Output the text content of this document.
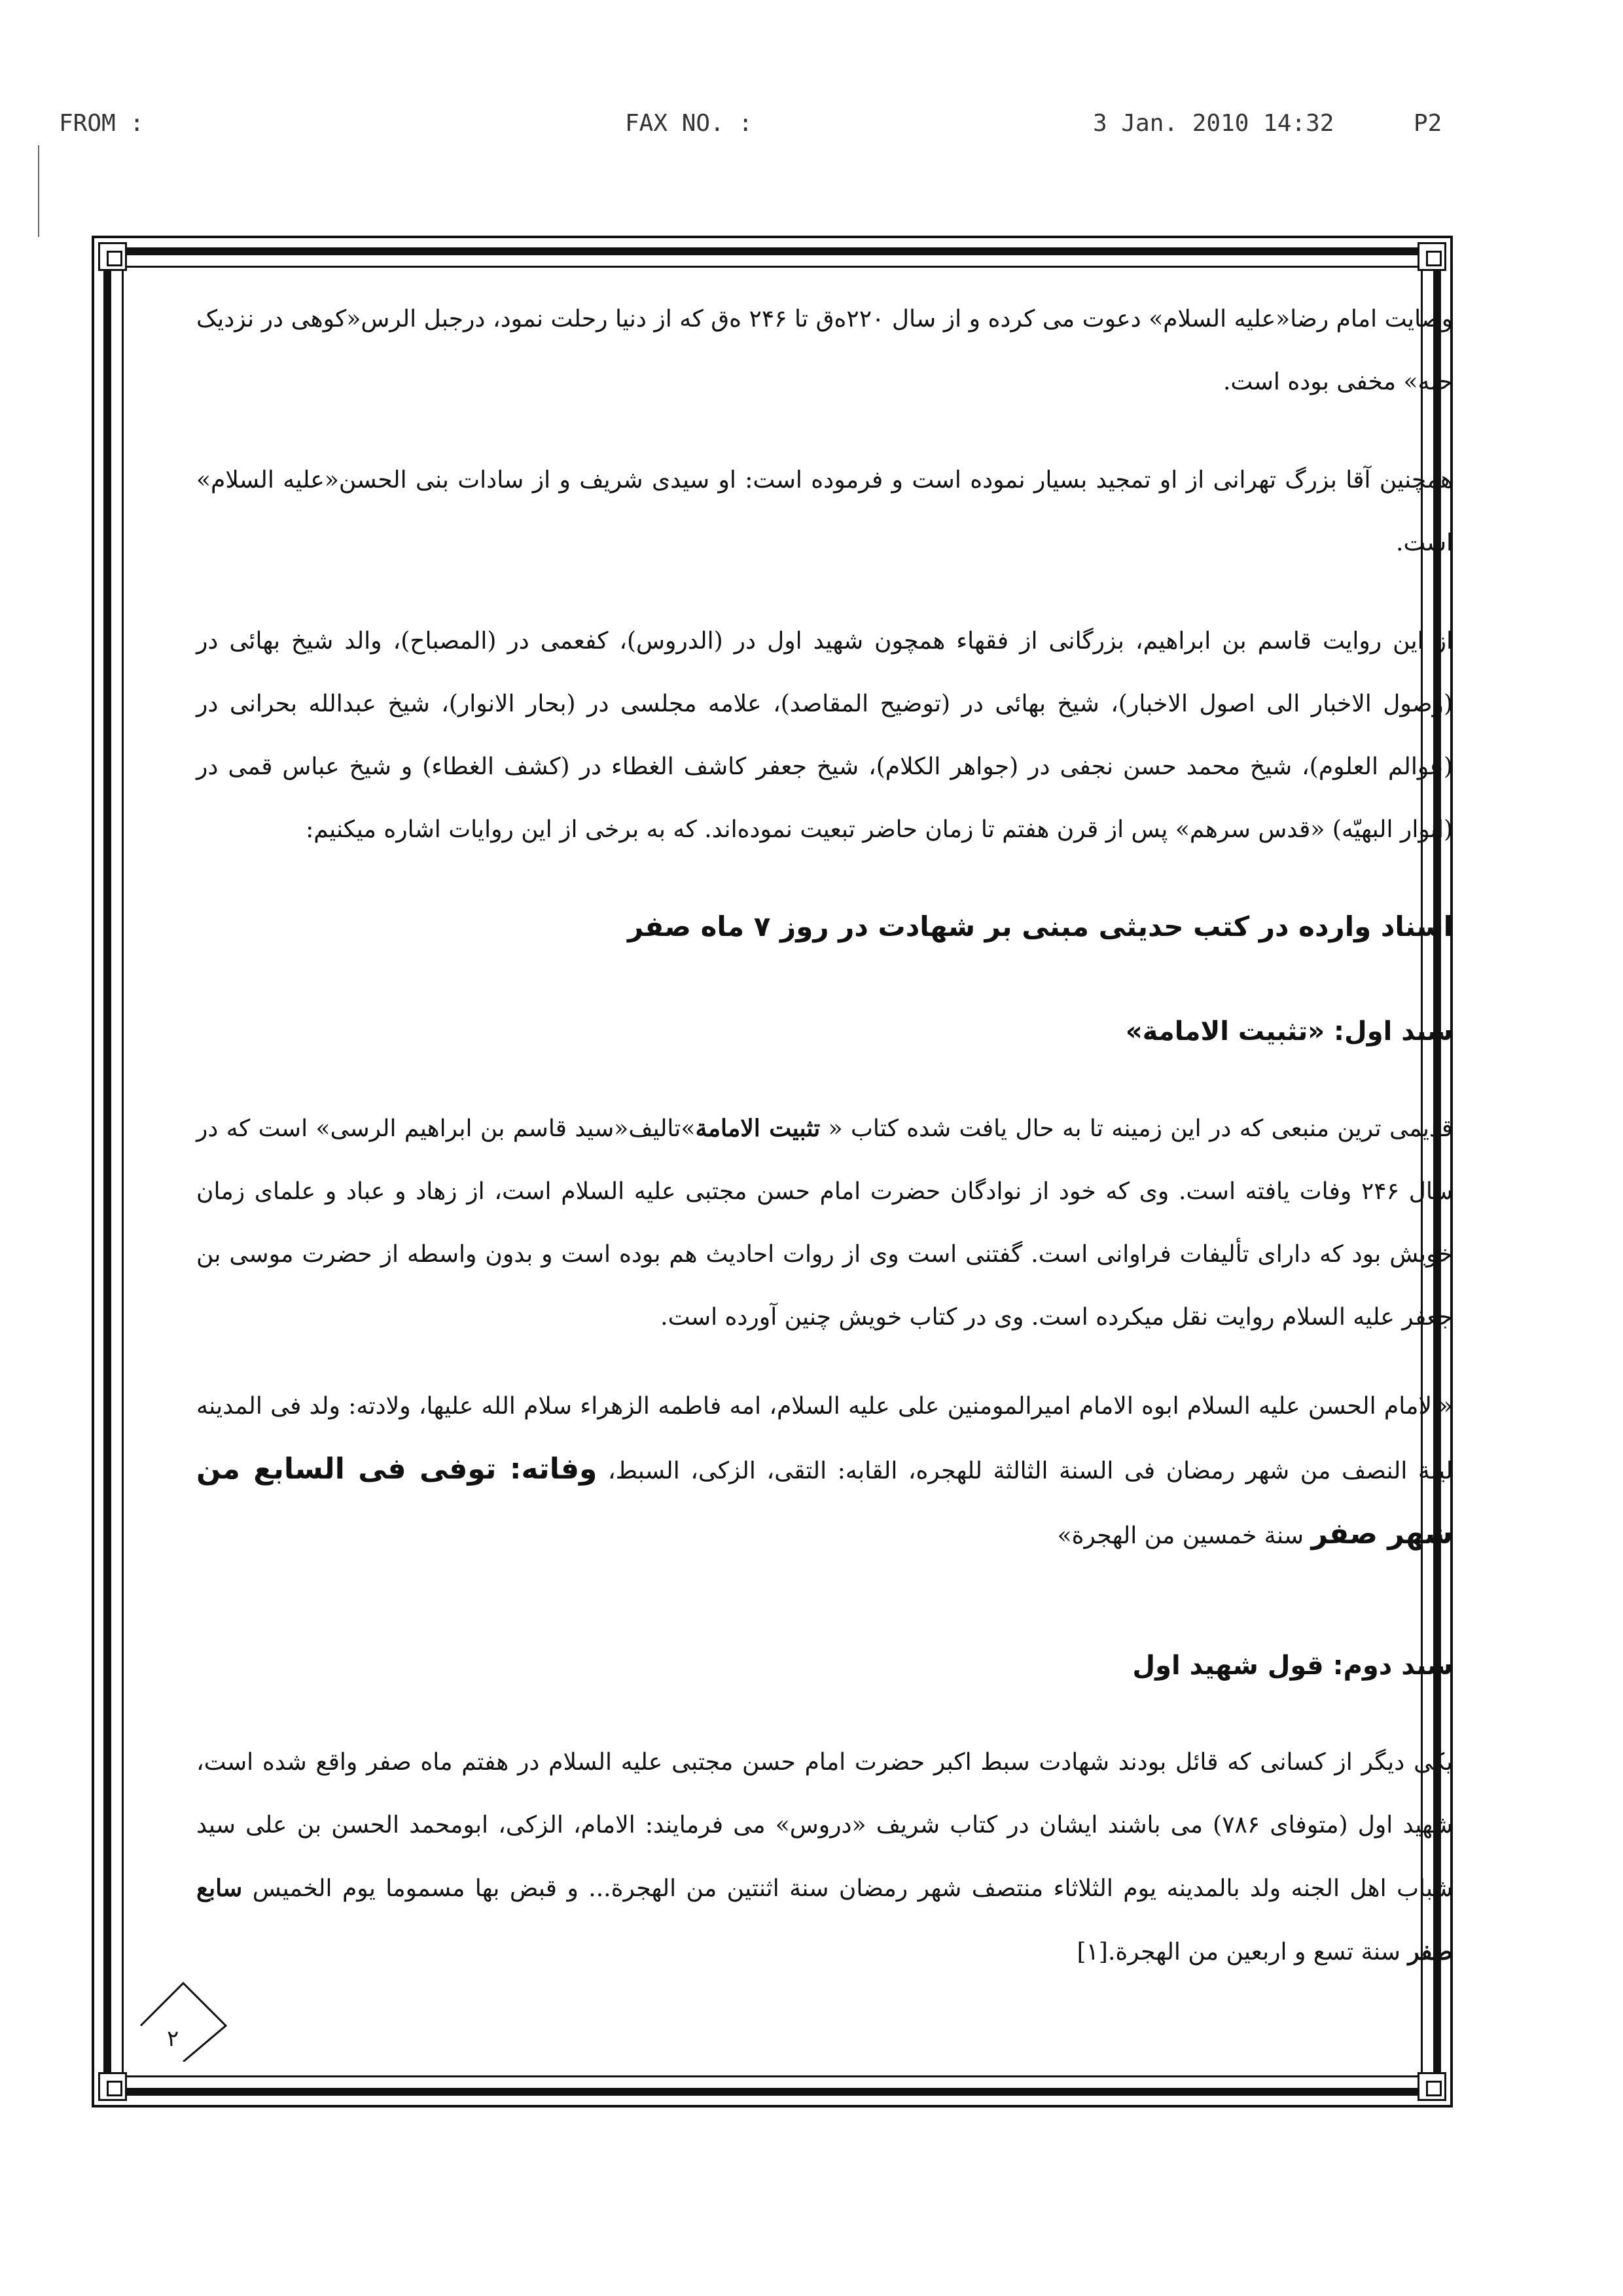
FROM :	FAX NO. :	3 Jan. 2010 14:32	P2

وصایت امام رضا«علیه السلام» دعوت می کرده و از سال ۲۲۰ه‌ق تا ۲۴۶ ه‌ق که از دنیا رحلت نمود، درجبل الرس«کوهی در نزدیک حله» مخفی بوده است.

همچنین آقا بزرگ تهرانی از او تمجید بسیار نموده است و فرموده است: او سیدی شریف و از سادات بنی الحسن«علیه السلام» است.

از این روایت قاسم بن ابراهیم، بزرگانی از فقهاء همچون شهید اول در (الدروس)، کفعمی در (المصباح)، والد شیخ بهائی در (وصول الاخبار الی اصول الاخبار)، شیخ بهائی در (توضیح المقاصد)، علامه مجلسی در (بحار الانوار)، شیخ عبدالله بحرانی در (عوالم العلوم)، شیخ محمد حسن نجفی در (جواهر الکلام)، شیخ جعفر کاشف الغطاء در (کشف الغطاء) و شیخ عباس قمی در (انوار البهیّه) «قدس سرهم» پس از قرن هفتم تا زمان حاضر تبعیت نموده‌اند. که به برخی از این روایات اشاره میکنیم:

اسناد وارده در کتب حدیثی مبنی بر شهادت در روز ۷ ماه صفر
سند اول: «تثبیت الامامة»

قدیمی ترین منبعی که در این زمینه تا به حال یافت شده کتاب « تثبیت الامامة»تالیف«سید قاسم بن ابراهیم الرسی» است که در سال ۲۴۶ وفات یافته است. وی که خود از نوادگان حضرت امام حسن مجتبی علیه السلام است، از زهاد و عباد و علمای زمان خویش بود که دارای تألیفات فراوانی است. گفتنی است وی از روات احادیث هم بوده است و بدون واسطه از حضرت موسی بن جعفر علیه السلام روایت نقل میکرده است. وی در کتاب خویش چنین آورده است.

«الامام الحسن علیه السلام ابوه الامام امیرالمومنین علی علیه السلام، امه فاطمه الزهراء سلام الله علیها، ولادته: ولد فی المدینه لیلة النصف من شهر رمضان فی السنة الثالثة للهجره، القابه: التقی، الزکی، السبط، وفاته: توفی فی السابع من شهر صفر سنة خمسین من الهجرة»

سند دوم: قول شهید اول

یکی دیگر از کسانی که قائل بودند شهادت سبط اکبر حضرت امام حسن مجتبی علیه السلام در هفتم ماه صفر واقع شده است، شهید اول (متوفای ۷۸۶) می باشند ایشان در کتاب شریف «دروس» می فرمایند: الامام، الزکی، ابومحمد الحسن بن علی سید شباب اهل الجنه ولد بالمدینه یوم الثلاثاء منتصف شهر رمضان سنة اثنتین من الهجرة... و قبض بها مسموما یوم الخمیس سابع صفر سنة تسع و اربعین من الهجرة.[۱]

۲
